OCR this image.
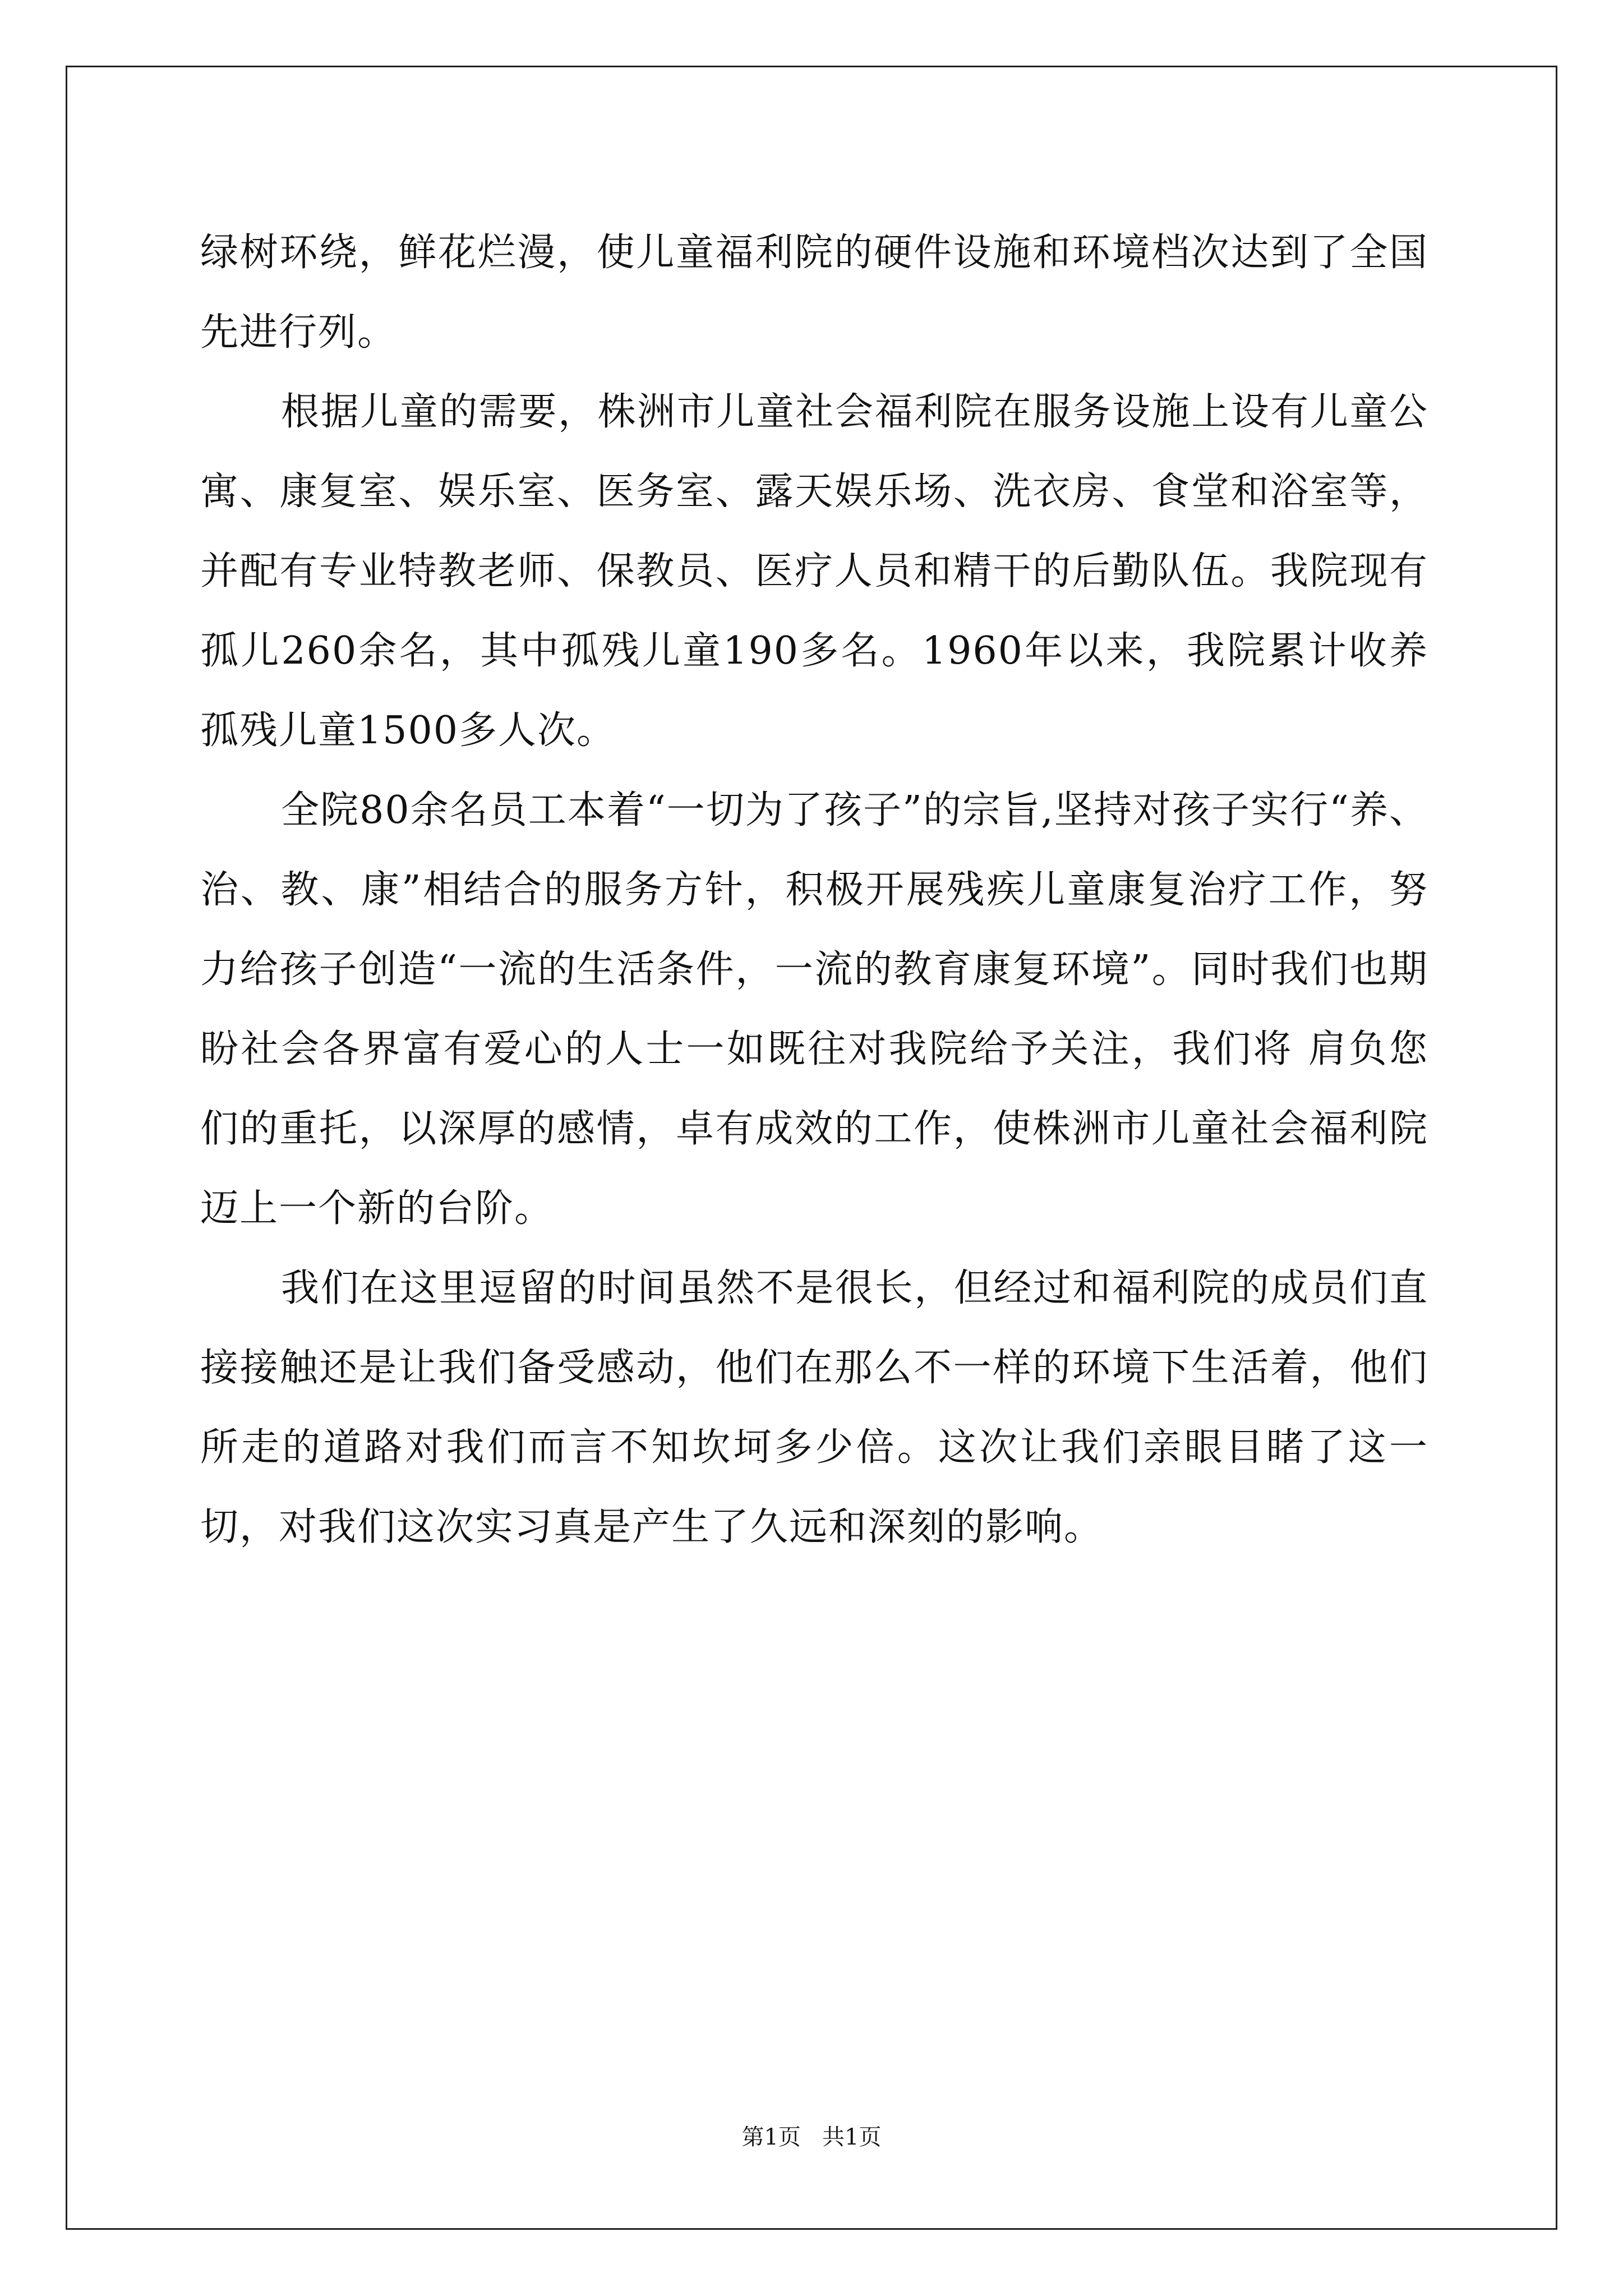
绿树环绕，鲜花烂漫，使儿童福利院的硬件设施和环境档次达到了全国先进行列。

根据儿童的需要，株洲市儿童社会福利院在服务设施上设有儿童公寓、康复室、娱乐室、医务室、露天娱乐场、洗衣房、食堂和浴室等，并配有专业特教老师、保教员、医疗人员和精干的后勤队伍。我院现有孤儿260余名，其中孤残儿童190多名。1960年以来，我院累计收养孤残儿童1500多人次。

全院80余名员工本着“一切为了孩子”的宗旨,坚持对孩子实行“养、治、教、康”相结合的服务方针，积极开展残疾儿童康复治疗工作，努力给孩子创造“一流的生活条件，一流的教育康复环境”。同时我们也期盼社会各界富有爱心的人士一如既往对我院给予关注，我们将 肩负您们的重托，以深厚的感情，卓有成效的工作，使株洲市儿童社会福利院迈上一个新的台阶。

我们在这里逗留的时间虽然不是很长，但经过和福利院的成员们直接接触还是让我们备受感动，他们在那么不一样的环境下生活着，他们所走的道路对我们而言不知坎坷多少倍。这次让我们亲眼目睹了这一切，对我们这次实习真是产生了久远和深刻的影响。

第1页   共1页
